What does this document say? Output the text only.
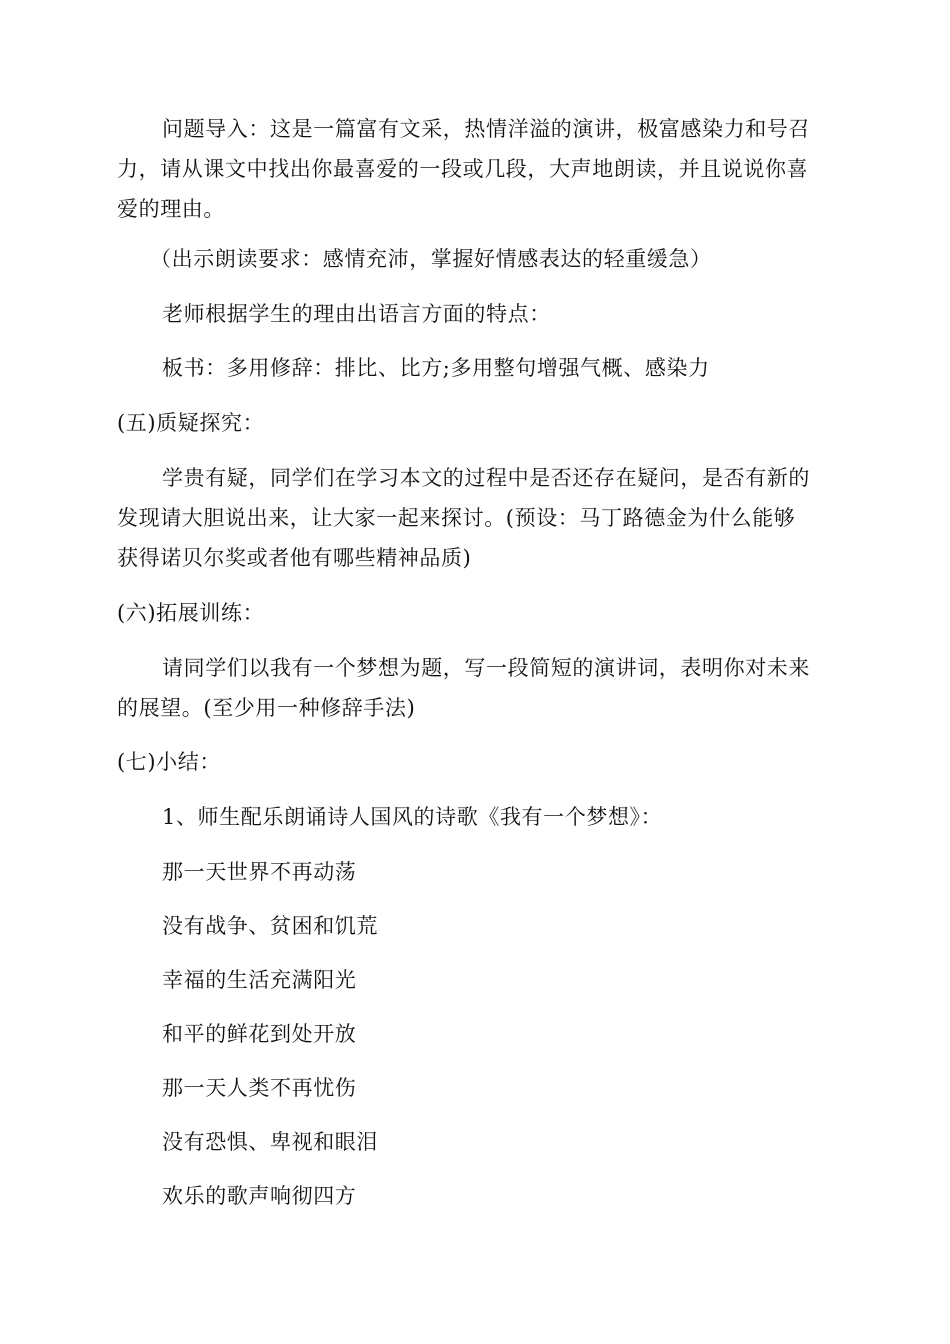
问题导入：这是一篇富有文采，热情洋溢的演讲，极富感染力和号召
力，请从课文中找出你最喜爱的一段或几段，大声地朗读，并且说说你喜
爱的理由。
（出示朗读要求：感情充沛，掌握好情感表达的轻重缓急）
老师根据学生的理由出语言方面的特点：
板书：多用修辞：排比、比方;多用整句增强气概、感染力
(五)质疑探究：
学贵有疑，同学们在学习本文的过程中是否还存在疑问，是否有新的
发现请大胆说出来，让大家一起来探讨。(预设：马丁路德金为什么能够
获得诺贝尔奖或者他有哪些精神品质)
(六)拓展训练：
请同学们以我有一个梦想为题，写一段简短的演讲词，表明你对未来
的展望。(至少用一种修辞手法)
(七)小结：
1、师生配乐朗诵诗人国风的诗歌《我有一个梦想》：
那一天世界不再动荡
没有战争、贫困和饥荒
幸福的生活充满阳光
和平的鲜花到处开放
那一天人类不再忧伤
没有恐惧、卑视和眼泪
欢乐的歌声响彻四方
